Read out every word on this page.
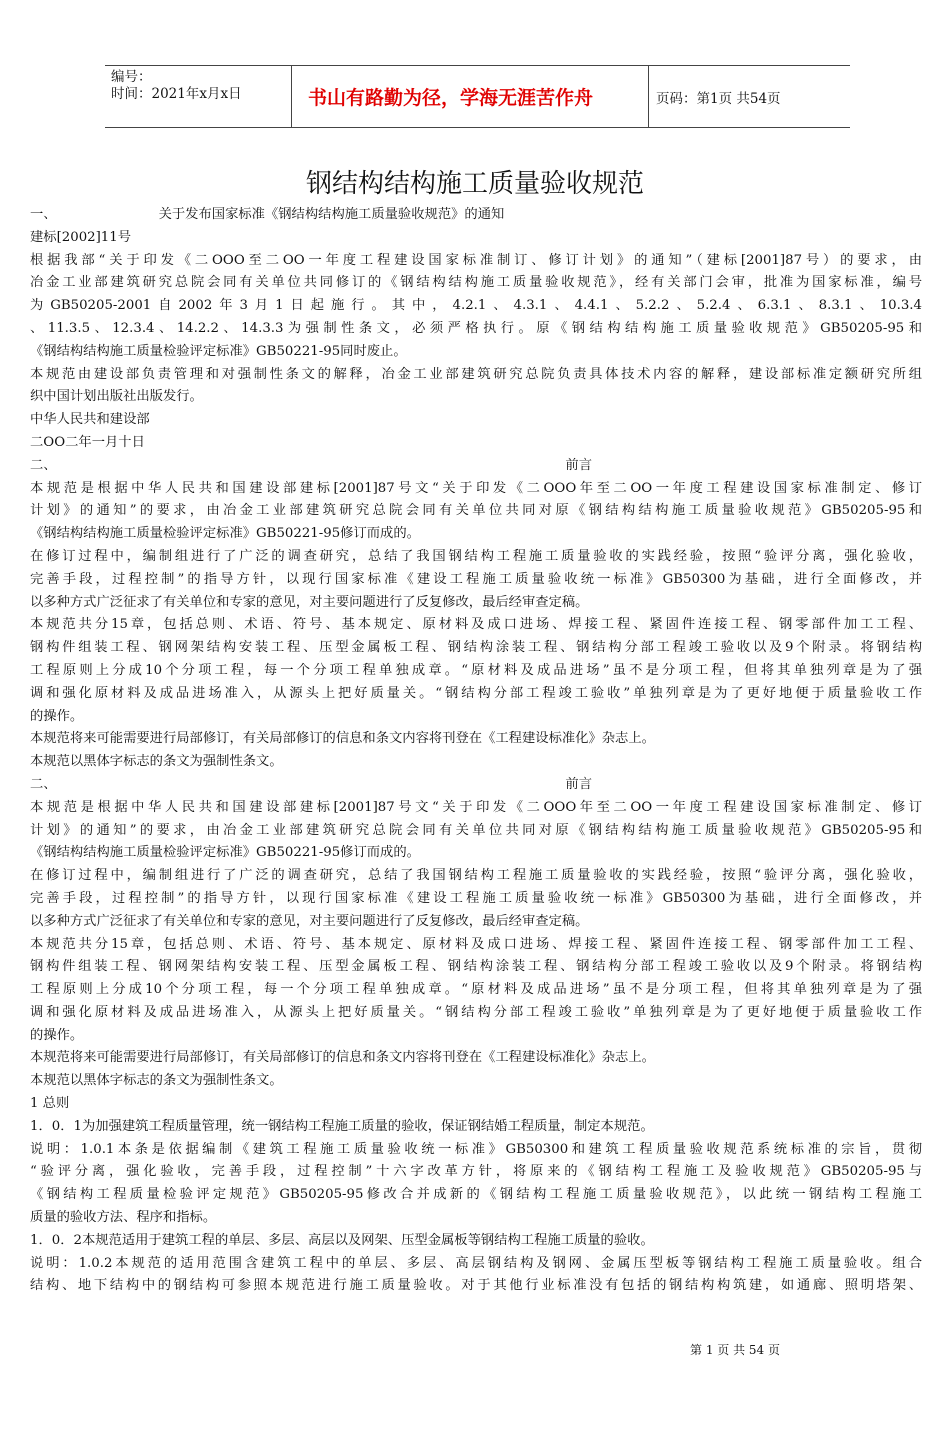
编号：
时间：2021年x月x日	书山有路勤为径，学海无涯苦作舟	页码：第1页 共54页
钢结构结构施工质量验收规范
一、	关于发布国家标准《钢结构结构施工质量验收规范》的通知
建标[2002]11号
根据我部“关于印发《二OOO至二OO一年度工程建设国家标准制订、修订计划》的通知”（建标[2001]87号）的要求，由
冶金工业部建筑研究总院会同有关单位共同修订的《钢结构结构施工质量验收规范》，经有关部门会审，批准为国家标准，编号
为GB50205-2001自2002年3月1日起施行。其中，4.2.1、4.3.1、4.4.1、5.2.2、5.2.4、6.3.1、8.3.1、10.3.4
、11.3.5、12.3.4、14.2.2、14.3.3为强制性条文，必须严格执行。原《钢结构结构施工质量验收规范》GB50205-95和
《钢结构结构施工质量检验评定标准》GB50221-95同时废止。
本规范由建设部负责管理和对强制性条文的解释，冶金工业部建筑研究总院负责具体技术内容的解释，建设部标准定额研究所组
织中国计划出版社出版发行。
中华人民共和建设部
二OO二年一月十日
二、	前言
本规范是根据中华人民共和国建设部建标[2001]87号文“关于印发《二OOO年至二OO一年度工程建设国家标准制定、修订
计划》的通知”的要求，由冶金工业部建筑研究总院会同有关单位共同对原《钢结构结构施工质量验收规范》GB50205-95和
《钢结构结构施工质量检验评定标准》GB50221-95修订而成的。
在修订过程中，编制组进行了广泛的调查研究，总结了我国钢结构工程施工质量验收的实践经验，按照“验评分离，强化验收，
完善手段，过程控制”的指导方针，以现行国家标准《建设工程施工质量验收统一标准》GB50300为基础，进行全面修改，并
以多种方式广泛征求了有关单位和专家的意见，对主要问题进行了反复修改，最后经审查定稿。
本规范共分15章，包括总则、术语、符号、基本规定、原材料及成口进场、焊接工程、紧固件连接工程、钢零部件加工工程、
钢构件组装工程、钢网架结构安装工程、压型金属板工程、钢结构涂装工程、钢结构分部工程竣工验收以及9个附录。将钢结构
工程原则上分成10个分项工程，每一个分项工程单独成章。“原材料及成品进场”虽不是分项工程，但将其单独列章是为了强
调和强化原材料及成品进场准入，从源头上把好质量关。“钢结构分部工程竣工验收”单独列章是为了更好地便于质量验收工作
的操作。
本规范将来可能需要进行局部修订，有关局部修订的信息和条文内容将刊登在《工程建设标准化》杂志上。
本规范以黑体字标志的条文为强制性条文。
二、	前言
本规范是根据中华人民共和国建设部建标[2001]87号文“关于印发《二OOO年至二OO一年度工程建设国家标准制定、修订
计划》的通知”的要求，由冶金工业部建筑研究总院会同有关单位共同对原《钢结构结构施工质量验收规范》GB50205-95和
《钢结构结构施工质量检验评定标准》GB50221-95修订而成的。
在修订过程中，编制组进行了广泛的调查研究，总结了我国钢结构工程施工质量验收的实践经验，按照“验评分离，强化验收，
完善手段，过程控制”的指导方针，以现行国家标准《建设工程施工质量验收统一标准》GB50300为基础，进行全面修改，并
以多种方式广泛征求了有关单位和专家的意见，对主要问题进行了反复修改，最后经审查定稿。
本规范共分15章，包括总则、术语、符号、基本规定、原材料及成口进场、焊接工程、紧固件连接工程、钢零部件加工工程、
钢构件组装工程、钢网架结构安装工程、压型金属板工程、钢结构涂装工程、钢结构分部工程竣工验收以及9个附录。将钢结构
工程原则上分成10个分项工程，每一个分项工程单独成章。“原材料及成品进场”虽不是分项工程，但将其单独列章是为了强
调和强化原材料及成品进场准入，从源头上把好质量关。“钢结构分部工程竣工验收”单独列章是为了更好地便于质量验收工作
的操作。
本规范将来可能需要进行局部修订，有关局部修订的信息和条文内容将刊登在《工程建设标准化》杂志上。
本规范以黑体字标志的条文为强制性条文。
1 总则
1．0．1为加强建筑工程质量管理，统一钢结构工程施工质量的验收，保证钢结婚工程质量，制定本规范。
说明：1.0.1本条是依据编制《建筑工程施工质量验收统一标准》GB50300和建筑工程质量验收规范系统标准的宗旨，贯彻
“验评分离，强化验收，完善手段，过程控制”十六字改革方针，将原来的《钢结构工程施工及验收规范》GB50205-95与
《钢结构工程质量检验评定规范》GB50205-95修改合并成新的《钢结构工程施工质量验收规范》，以此统一钢结构工程施工
质量的验收方法、程序和指标。
1．0．2本规范适用于建筑工程的单层、多层、高层以及网架、压型金属板等钢结构工程施工质量的验收。
说明：1.0.2本规范的适用范围含建筑工程中的单层、多层、高层钢结构及钢网、金属压型板等钢结构工程施工质量验收。组合
结构、地下结构中的钢结构可参照本规范进行施工质量验收。对于其他行业标准没有包括的钢结构构筑建，如通廊、照明塔架、
第 1 页 共 54 页
